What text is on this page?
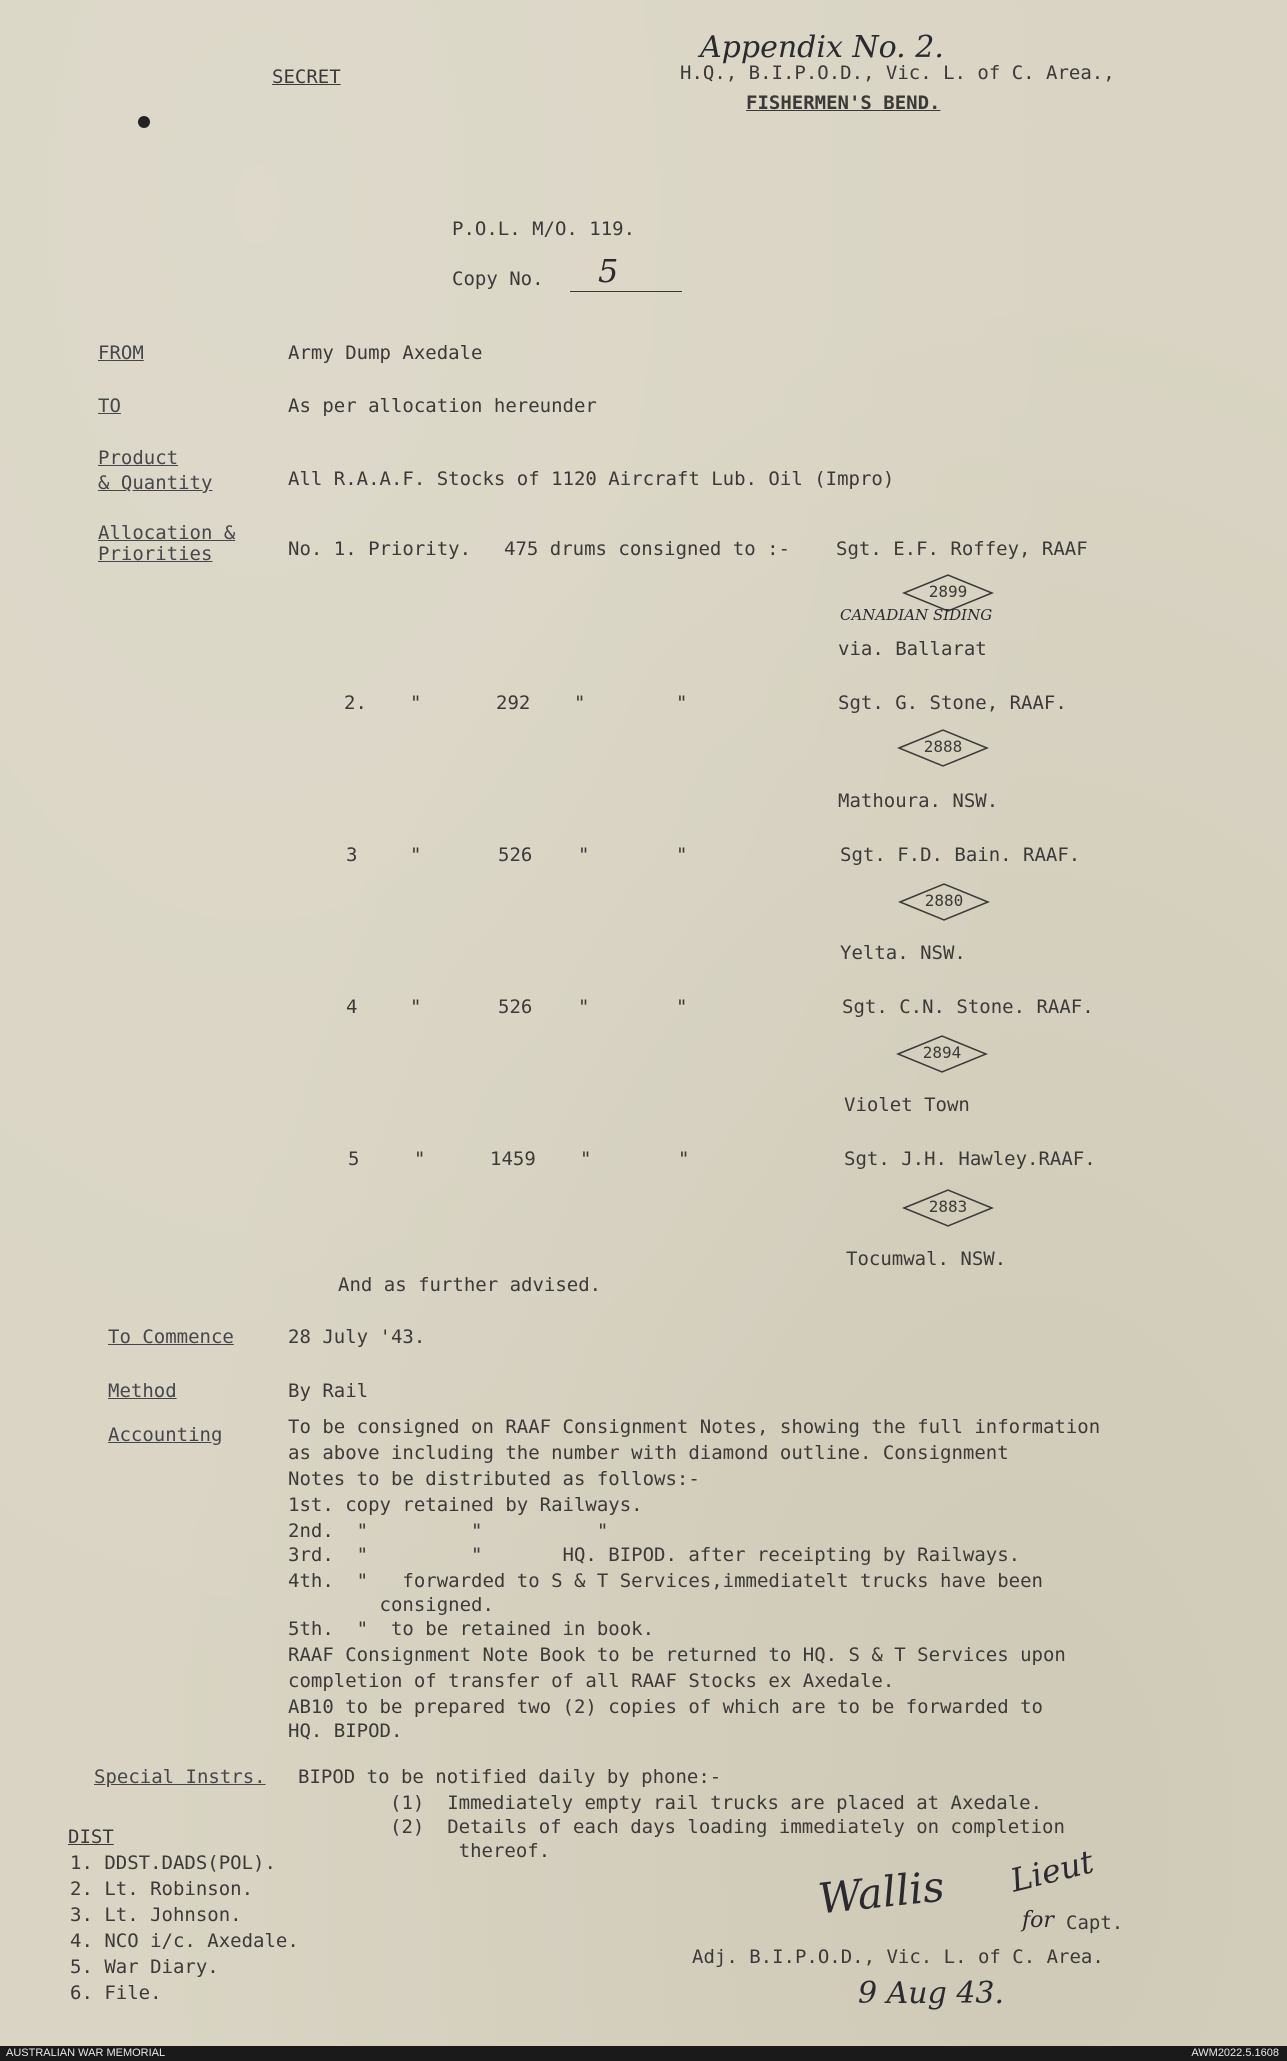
Appendix No. 2.
SECRET	H.Q., B.I.P.O.D., Vic. L. of C. Area.,
FISHERMEN'S BEND.
P.O.L. M/O. 119.
Copy No. 5
FROM	Army Dump Axedale
TO	As per allocation hereunder
Product
& Quantity	All R.A.A.F. Stocks of 1120 Aircraft Lub. Oil (Impro)
Allocation &
Priorities	No. 1. Priority. 475 drums consigned to :- Sgt. E.F. Roffey, RAAF
2899
CANADIAN SIDING
via. Ballarat
2. "	292 "	"	Sgt. G. Stone, RAAF.
2888
Mathoura. NSW.
3	"	526 "	"	Sgt. F.D. Bain. RAAF.
2880
Yelta. NSW.
4	"	526 "	"	Sgt. C.N. Stone. RAAF.
2894
Violet Town
5	"	1459 "	"	Sgt. J.H. Hawley.RAAF.
2883
Tocumwal. NSW.
And as further advised.
To Commence	28 July '43.
Method	By Rail
Accounting	To be consigned on RAAF Consignment Notes, showing the full information
as above including the number with diamond outline. Consignment
Notes to be distributed as follows:-
1st. copy retained by Railways.
2nd.  "         "          "
3rd.  "         "       HQ. BIPOD. after receipting by Railways.
4th.  "   forwarded to S & T Services,immediatelt trucks have been
consigned.
5th.  "  to be retained in book.
RAAF Consignment Note Book to be returned to HQ. S & T Services upon
completion of transfer of all RAAF Stocks ex Axedale.
AB10 to be prepared two (2) copies of which are to be forwarded to
HQ. BIPOD.
Special Instrs. BIPOD to be notified daily by phone:-
(1)  Immediately empty rail trucks are placed at Axedale.
(2)  Details of each days loading immediately on completion
thereof.
DIST
1. DDST.DADS(POL).
2. Lt. Robinson.
3. Lt. Johnson.
4. NCO i/c. Axedale.
5. War Diary.
6. File.
Wallis Lieut
for Capt.
Adj. B.I.P.O.D., Vic. L. of C. Area.
9 Aug 43.
AUSTRALIAN WAR MEMORIAL	AWM2022.5.1608
